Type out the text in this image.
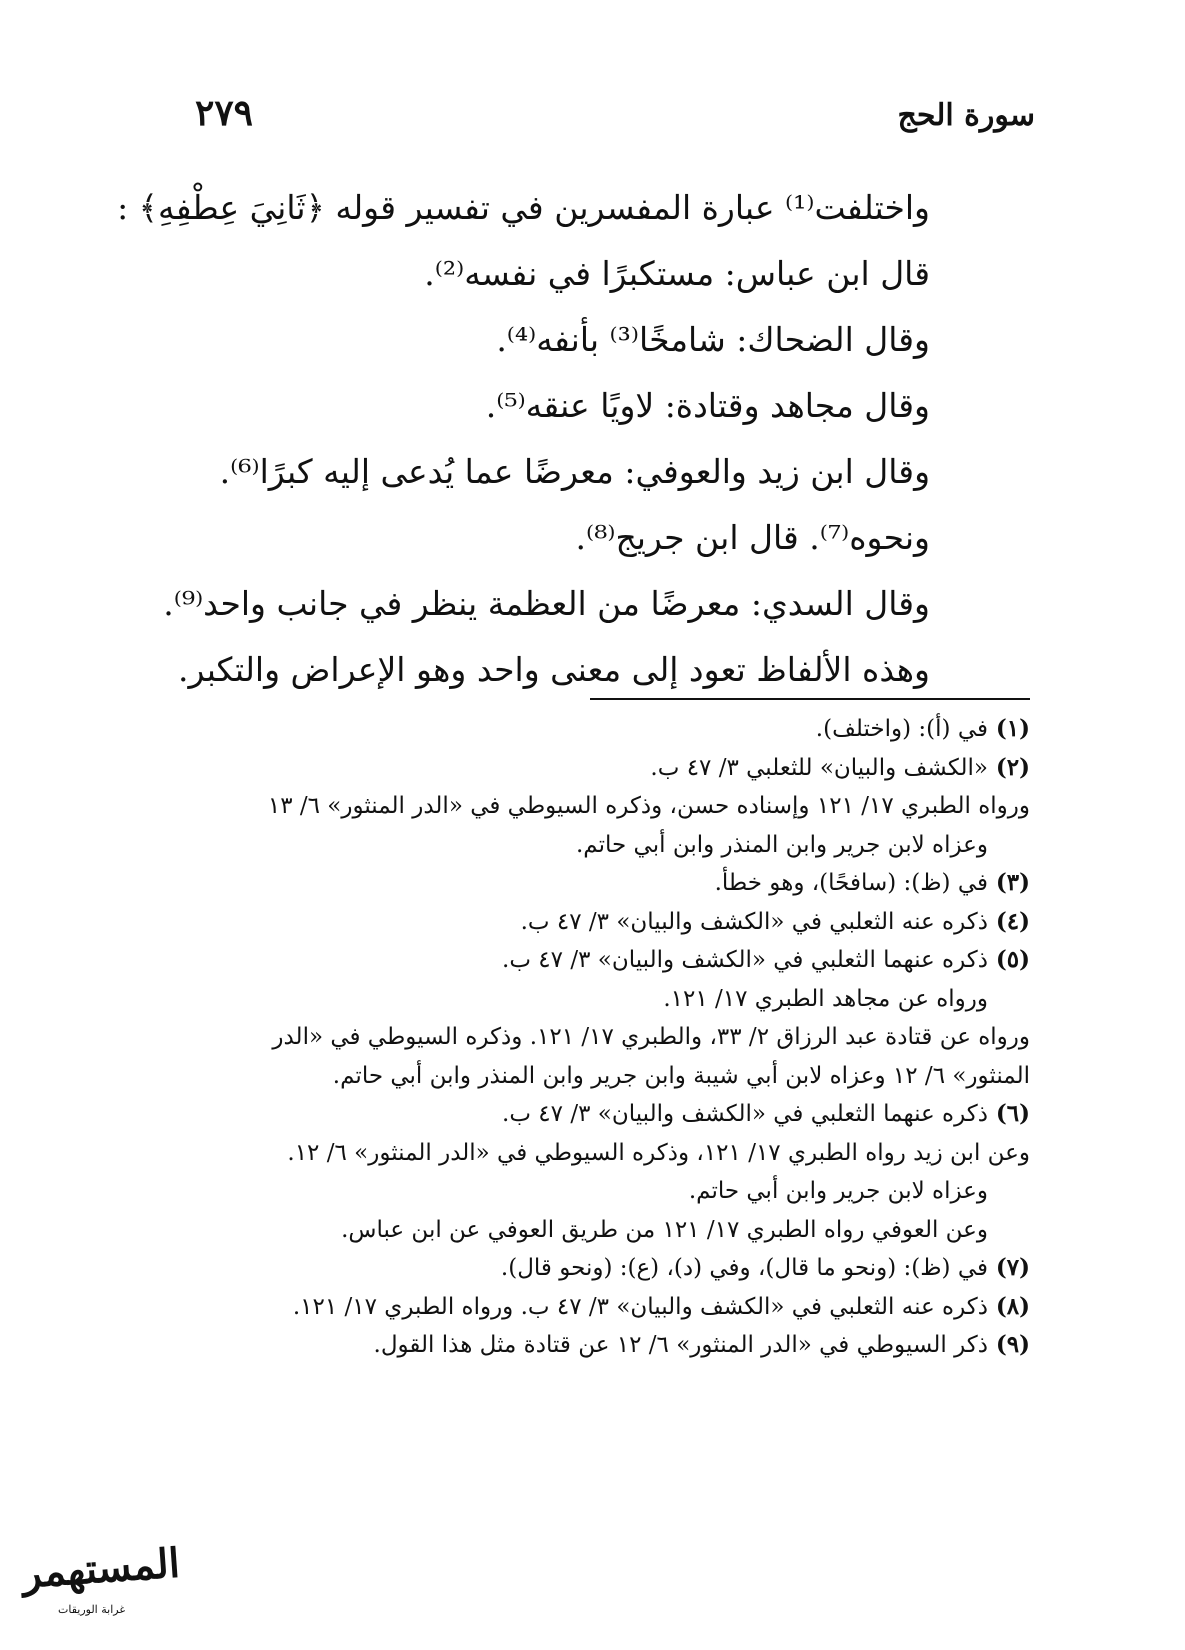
سورة الحج
٢٧٩
واختلفت⁽¹⁾ عبارة المفسرين في تفسير قوله ﴿ثَانِيَ عِطْفِهِ﴾ :
قال ابن عباس: مستكبرًا في نفسه⁽²⁾.
وقال الضحاك: شامخًا⁽³⁾ بأنفه⁽⁴⁾.
وقال مجاهد وقتادة: لاويًا عنقه⁽⁵⁾.
وقال ابن زيد والعوفي: معرضًا عما يُدعى إليه كبرًا⁽⁶⁾.
ونحوه⁽⁷⁾. قال ابن جريج⁽⁸⁾.
وقال السدي: معرضًا من العظمة ينظر في جانب واحد⁽⁹⁾.
وهذه الألفاظ تعود إلى معنى واحد وهو الإعراض والتكبر.
(١)
في (أ): (واختلف).
(٢)
«الكشف والبيان» للثعلبي ٣/ ٤٧ ب.
ورواه الطبري ١٧/ ١٢١ وإسناده حسن، وذكره السيوطي في «الدر المنثور» ٦/ ١٣
وعزاه لابن جرير وابن المنذر وابن أبي حاتم.
(٣)
في (ظ): (سافحًا)، وهو خطأ.
(٤)
ذكره عنه الثعلبي في «الكشف والبيان» ٣/ ٤٧ ب.
(٥)
ذكره عنهما الثعلبي في «الكشف والبيان» ٣/ ٤٧ ب.
ورواه عن مجاهد الطبري ١٧/ ١٢١.
ورواه عن قتادة عبد الرزاق ٢/ ٣٣، والطبري ١٧/ ١٢١. وذكره السيوطي في «الدر
المنثور» ٦/ ١٢ وعزاه لابن أبي شيبة وابن جرير وابن المنذر وابن أبي حاتم.
(٦)
ذكره عنهما الثعلبي في «الكشف والبيان» ٣/ ٤٧ ب.
وعن ابن زيد رواه الطبري ١٧/ ١٢١، وذكره السيوطي في «الدر المنثور» ٦/ ١٢.
وعزاه لابن جرير وابن أبي حاتم.
وعن العوفي رواه الطبري ١٧/ ١٢١ من طريق العوفي عن ابن عباس.
(٧)
في (ظ): (ونحو ما قال)، وفي (د)، (ع): (ونحو قال).
(٨)
ذكره عنه الثعلبي في «الكشف والبيان» ٣/ ٤٧ ب. ورواه الطبري ١٧/ ١٢١.
(٩)
ذكر السيوطي في «الدر المنثور» ٦/ ١٢ عن قتادة مثل هذا القول.
المستهمر
غرابة الوريقات
